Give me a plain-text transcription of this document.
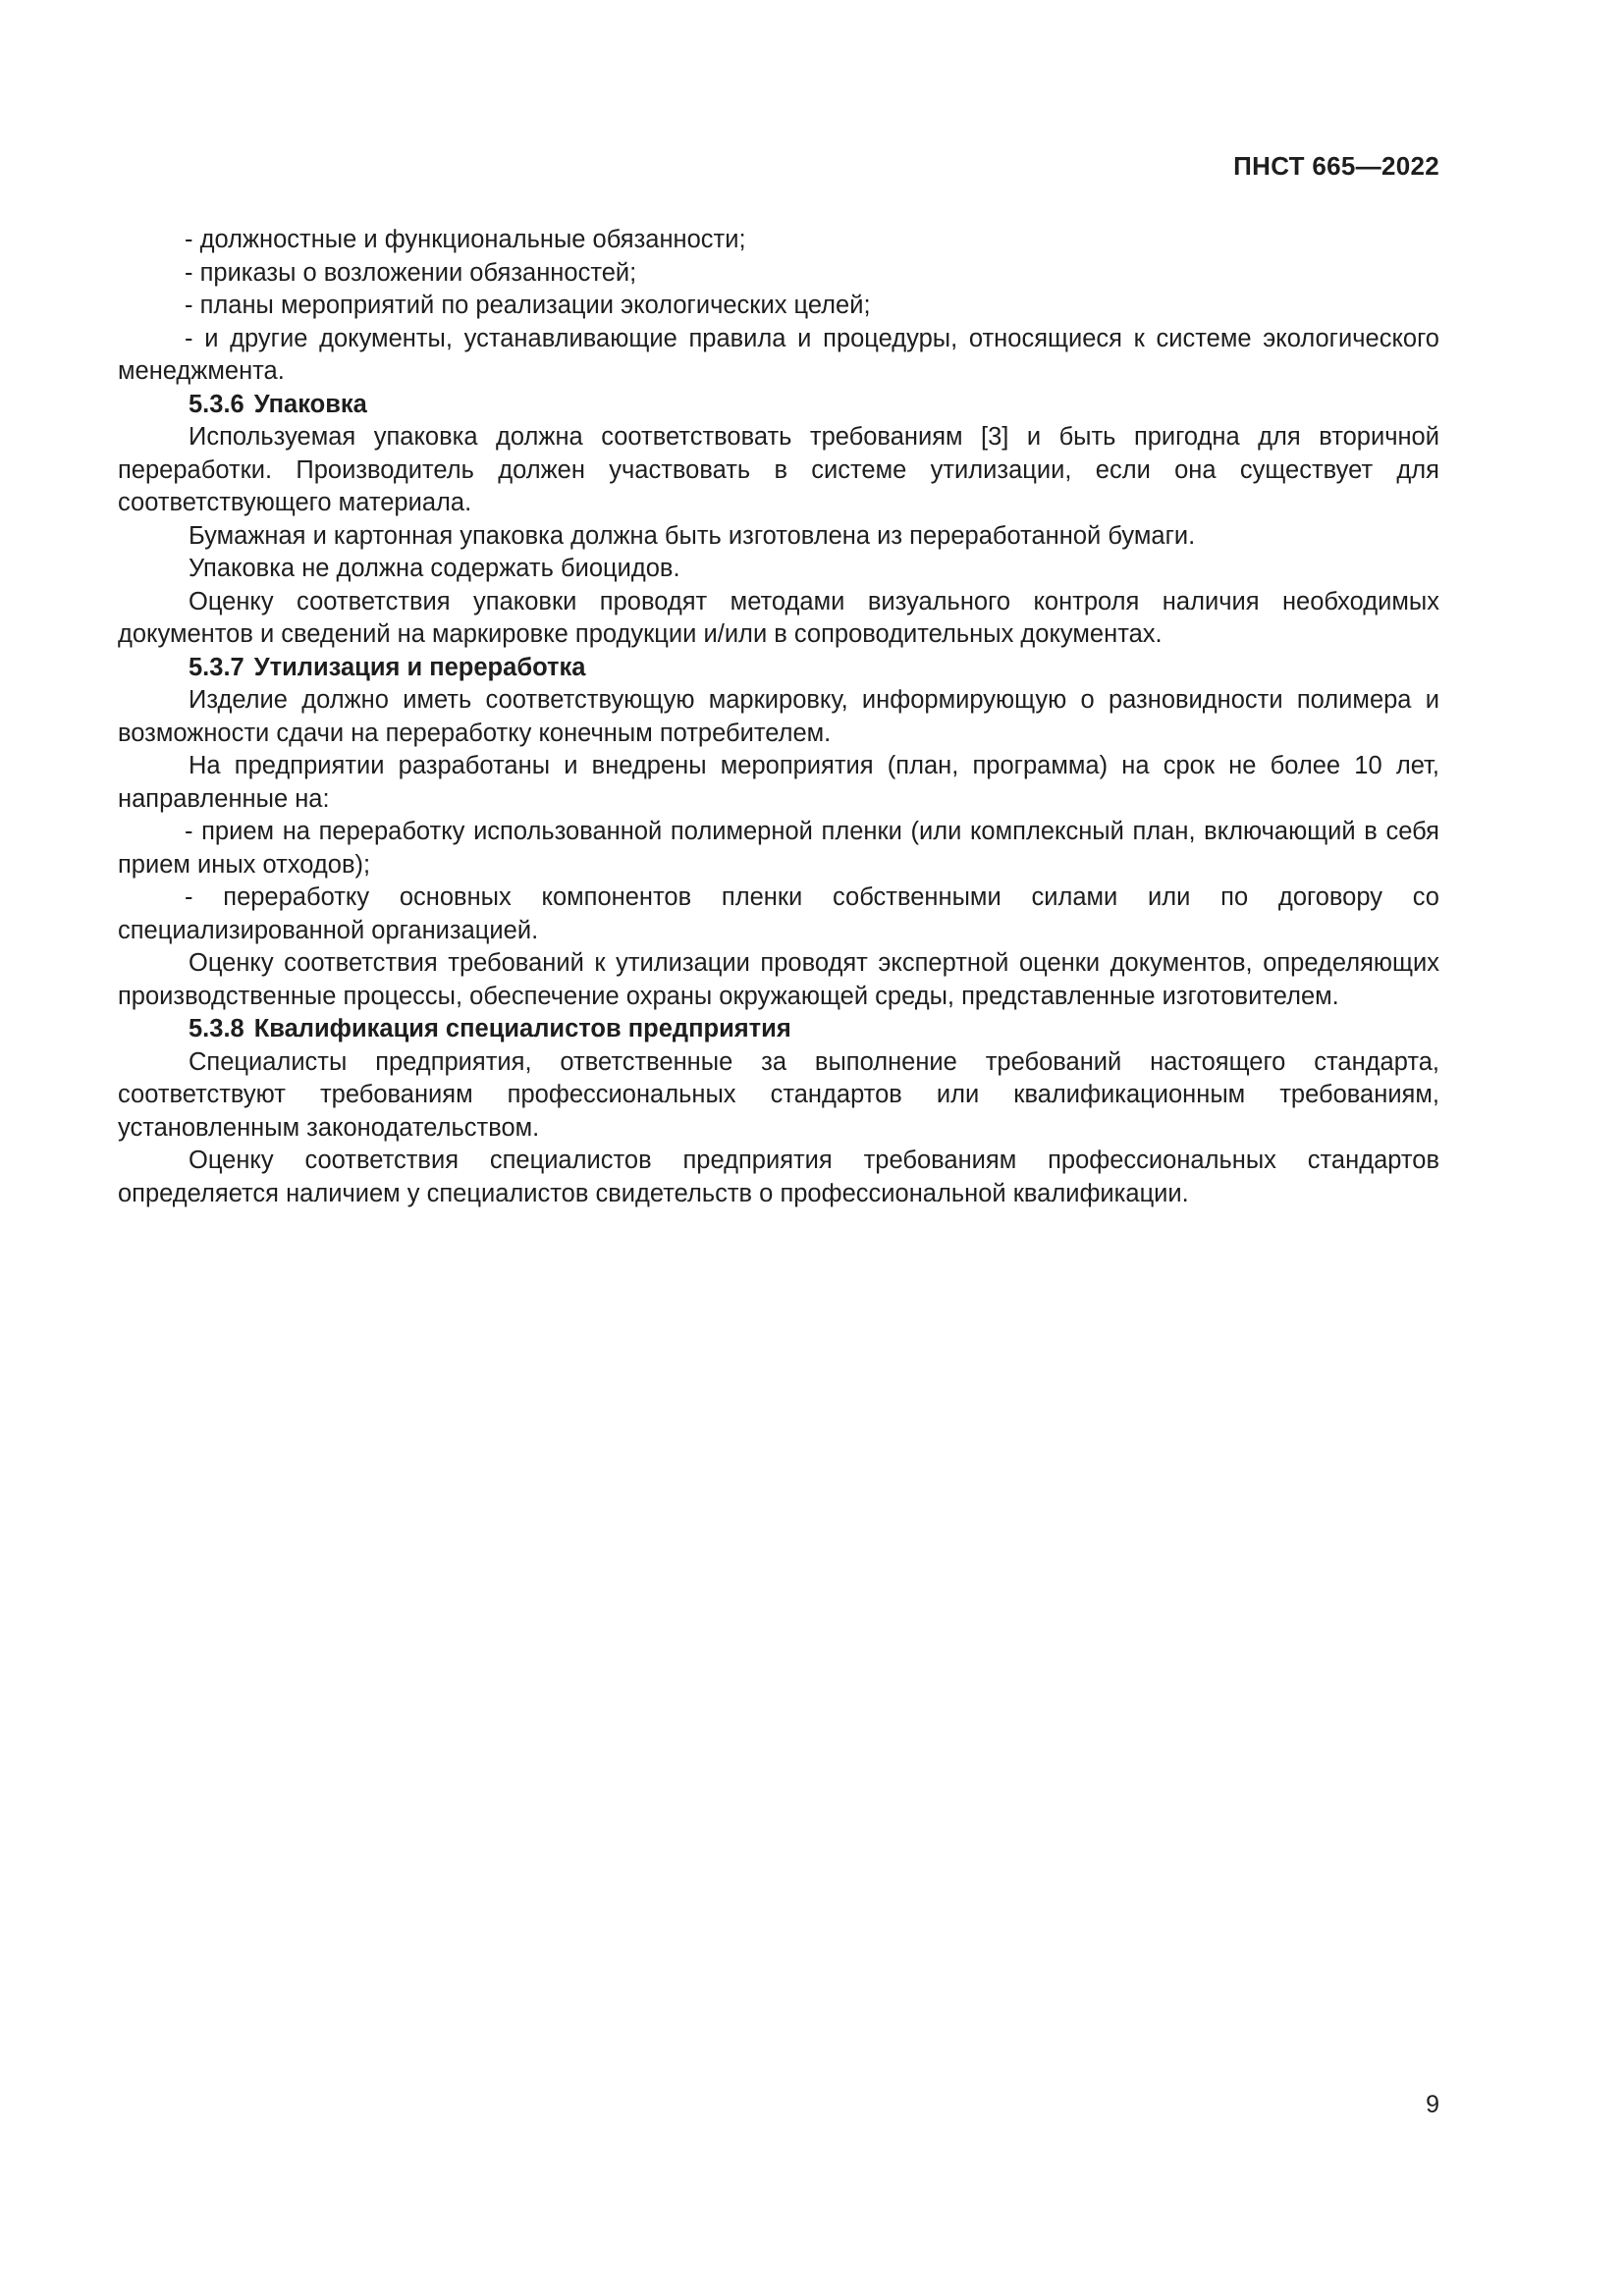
ПНСТ 665—2022

- должностные и функциональные обязанности;

- приказы о возложении обязанностей;

- планы мероприятий по реализации экологических целей;

- и другие документы, устанавливающие правила и процедуры, относящиеся к системе экологического менеджмента.

5.3.6 Упаковка

Используемая упаковка должна соответствовать требованиям [3] и быть пригодна для вторичной переработки. Производитель должен участвовать в системе утилизации, если она существует для соответствующего материала.

Бумажная и картонная упаковка должна быть изготовлена из переработанной бумаги.

Упаковка не должна содержать биоцидов.

Оценку соответствия упаковки проводят методами визуального контроля наличия необходимых документов и сведений на маркировке продукции и/или в сопроводительных документах.

5.3.7 Утилизация и переработка

Изделие должно иметь соответствующую маркировку, информирующую о разновидности полимера и возможности сдачи на переработку конечным потребителем.

На предприятии разработаны и внедрены мероприятия (план, программа) на срок не более 10 лет, направленные на:

- прием на переработку использованной полимерной пленки (или комплексный план, включающий в себя прием иных отходов);

- переработку основных компонентов пленки собственными силами или по договору со специализированной организацией.

Оценку соответствия требований к утилизации проводят экспертной оценки документов, определяющих производственные процессы, обеспечение охраны окружающей среды, представленные изготовителем.

5.3.8 Квалификация специалистов предприятия

Специалисты предприятия, ответственные за выполнение требований настоящего стандарта, соответствуют требованиям профессиональных стандартов или квалификационным требованиям, установленным законодательством.

Оценку соответствия специалистов предприятия требованиям профессиональных стандартов определяется наличием у специалистов свидетельств о профессиональной квалификации.

9
